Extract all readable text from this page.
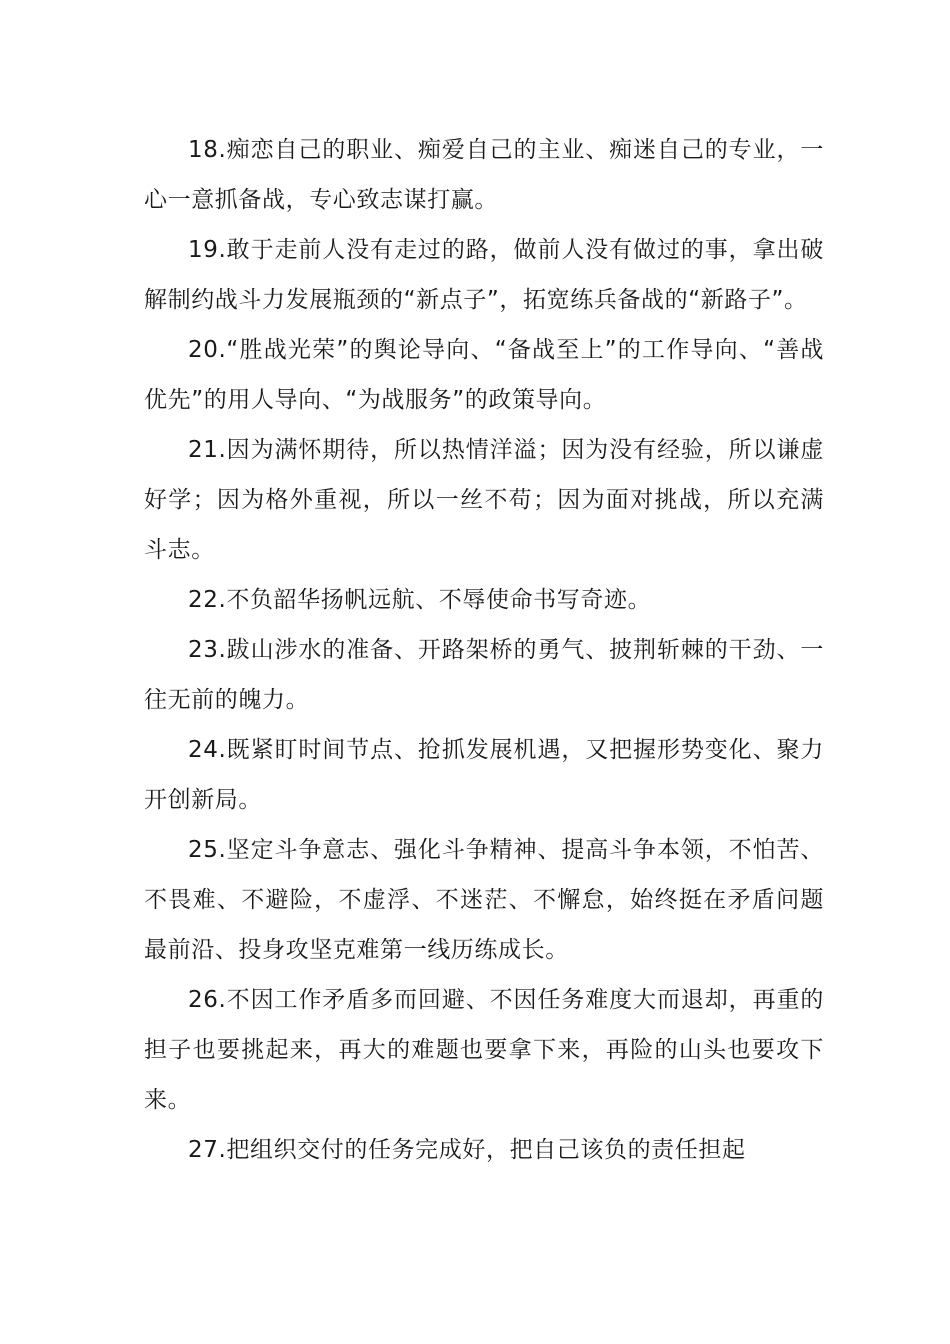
18.痴恋自己的职业、痴爱自己的主业、痴迷自己的专业，一心一意抓备战，专心致志谋打赢。

19.敢于走前人没有走过的路，做前人没有做过的事，拿出破解制约战斗力发展瓶颈的“新点子”，拓宽练兵备战的“新路子”。

20.“胜战光荣”的舆论导向、“备战至上”的工作导向、“善战优先”的用人导向、“为战服务”的政策导向。

21.因为满怀期待，所以热情洋溢；因为没有经验，所以谦虚好学；因为格外重视，所以一丝不苟；因为面对挑战，所以充满斗志。

22.不负韶华扬帆远航、不辱使命书写奇迹。

23.跋山涉水的准备、开路架桥的勇气、披荆斩棘的干劲、一往无前的魄力。

24.既紧盯时间节点、抢抓发展机遇，又把握形势变化、聚力开创新局。

25.坚定斗争意志、强化斗争精神、提高斗争本领，不怕苦、不畏难、不避险，不虚浮、不迷茫、不懈怠，始终挺在矛盾问题最前沿、投身攻坚克难第一线历练成长。

26.不因工作矛盾多而回避、不因任务难度大而退却，再重的担子也要挑起来，再大的难题也要拿下来，再险的山头也要攻下来。

27.把组织交付的任务完成好，把自己该负的责任担起
